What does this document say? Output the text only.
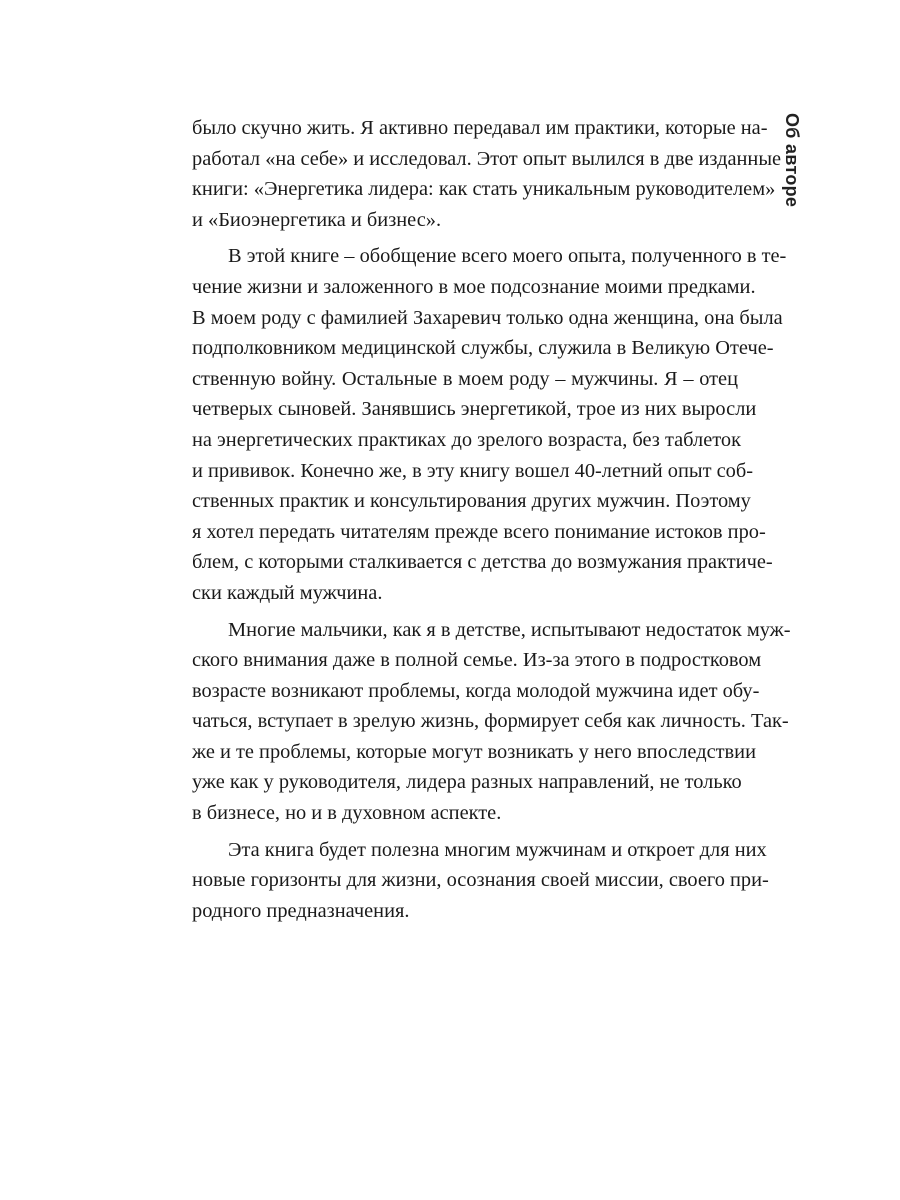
Об авторе

было скучно жить. Я активно передавал им практики, которые на-
работал «на себе» и исследовал. Этот опыт вылился в две изданные
книги: «Энергетика лидера: как стать уникальным руководителем»
и «Биоэнергетика и бизнес».

В этой книге – обобщение всего моего опыта, полученного в те-
чение жизни и заложенного в мое подсознание моими предками.
В моем роду с фамилией Захаревич только одна женщина, она была
подполковником медицинской службы, служила в Великую Отече-
ственную войну. Остальные в моем роду – мужчины. Я – отец
четверых сыновей. Занявшись энергетикой, трое из них выросли
на энергетических практиках до зрелого возраста, без таблеток
и прививок. Конечно же, в эту книгу вошел 40-летний опыт соб-
ственных практик и консультирования других мужчин. Поэтому
я хотел передать читателям прежде всего понимание истоков про-
блем, с которыми сталкивается с детства до возмужания практиче-
ски каждый мужчина.

Многие мальчики, как я в детстве, испытывают недостаток муж-
ского внимания даже в полной семье. Из-за этого в подростковом
возрасте возникают проблемы, когда молодой мужчина идет обу-
чаться, вступает в зрелую жизнь, формирует себя как личность. Так-
же и те проблемы, которые могут возникать у него впоследствии
уже как у руководителя, лидера разных направлений, не только
в бизнесе, но и в духовном аспекте.

Эта книга будет полезна многим мужчинам и откроет для них
новые горизонты для жизни, осознания своей миссии, своего при-
родного предназначения.
